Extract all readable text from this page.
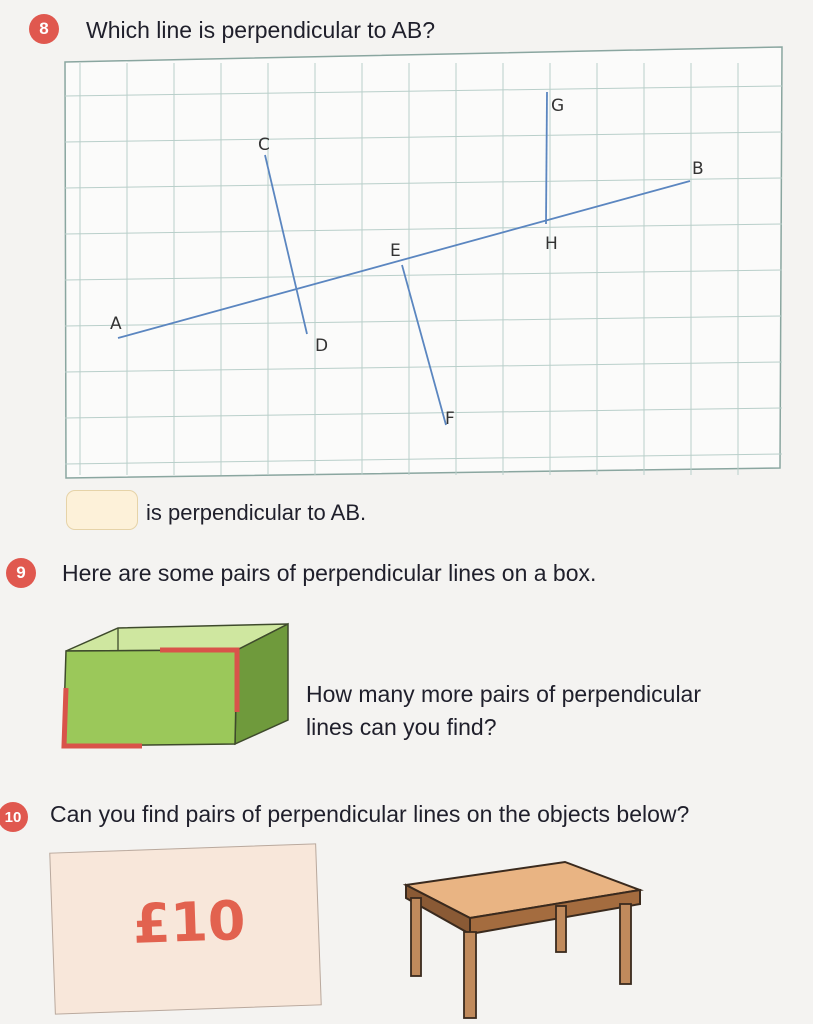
8	Which line is perpendicular to AB?
A
B
C
D
E
F
G
H
is perpendicular to AB.
9	Here are some pairs of perpendicular lines on a box.
How many more pairs of perpendicular
lines can you find?
10 Can you find pairs of perpendicular lines on the objects below?
£10
